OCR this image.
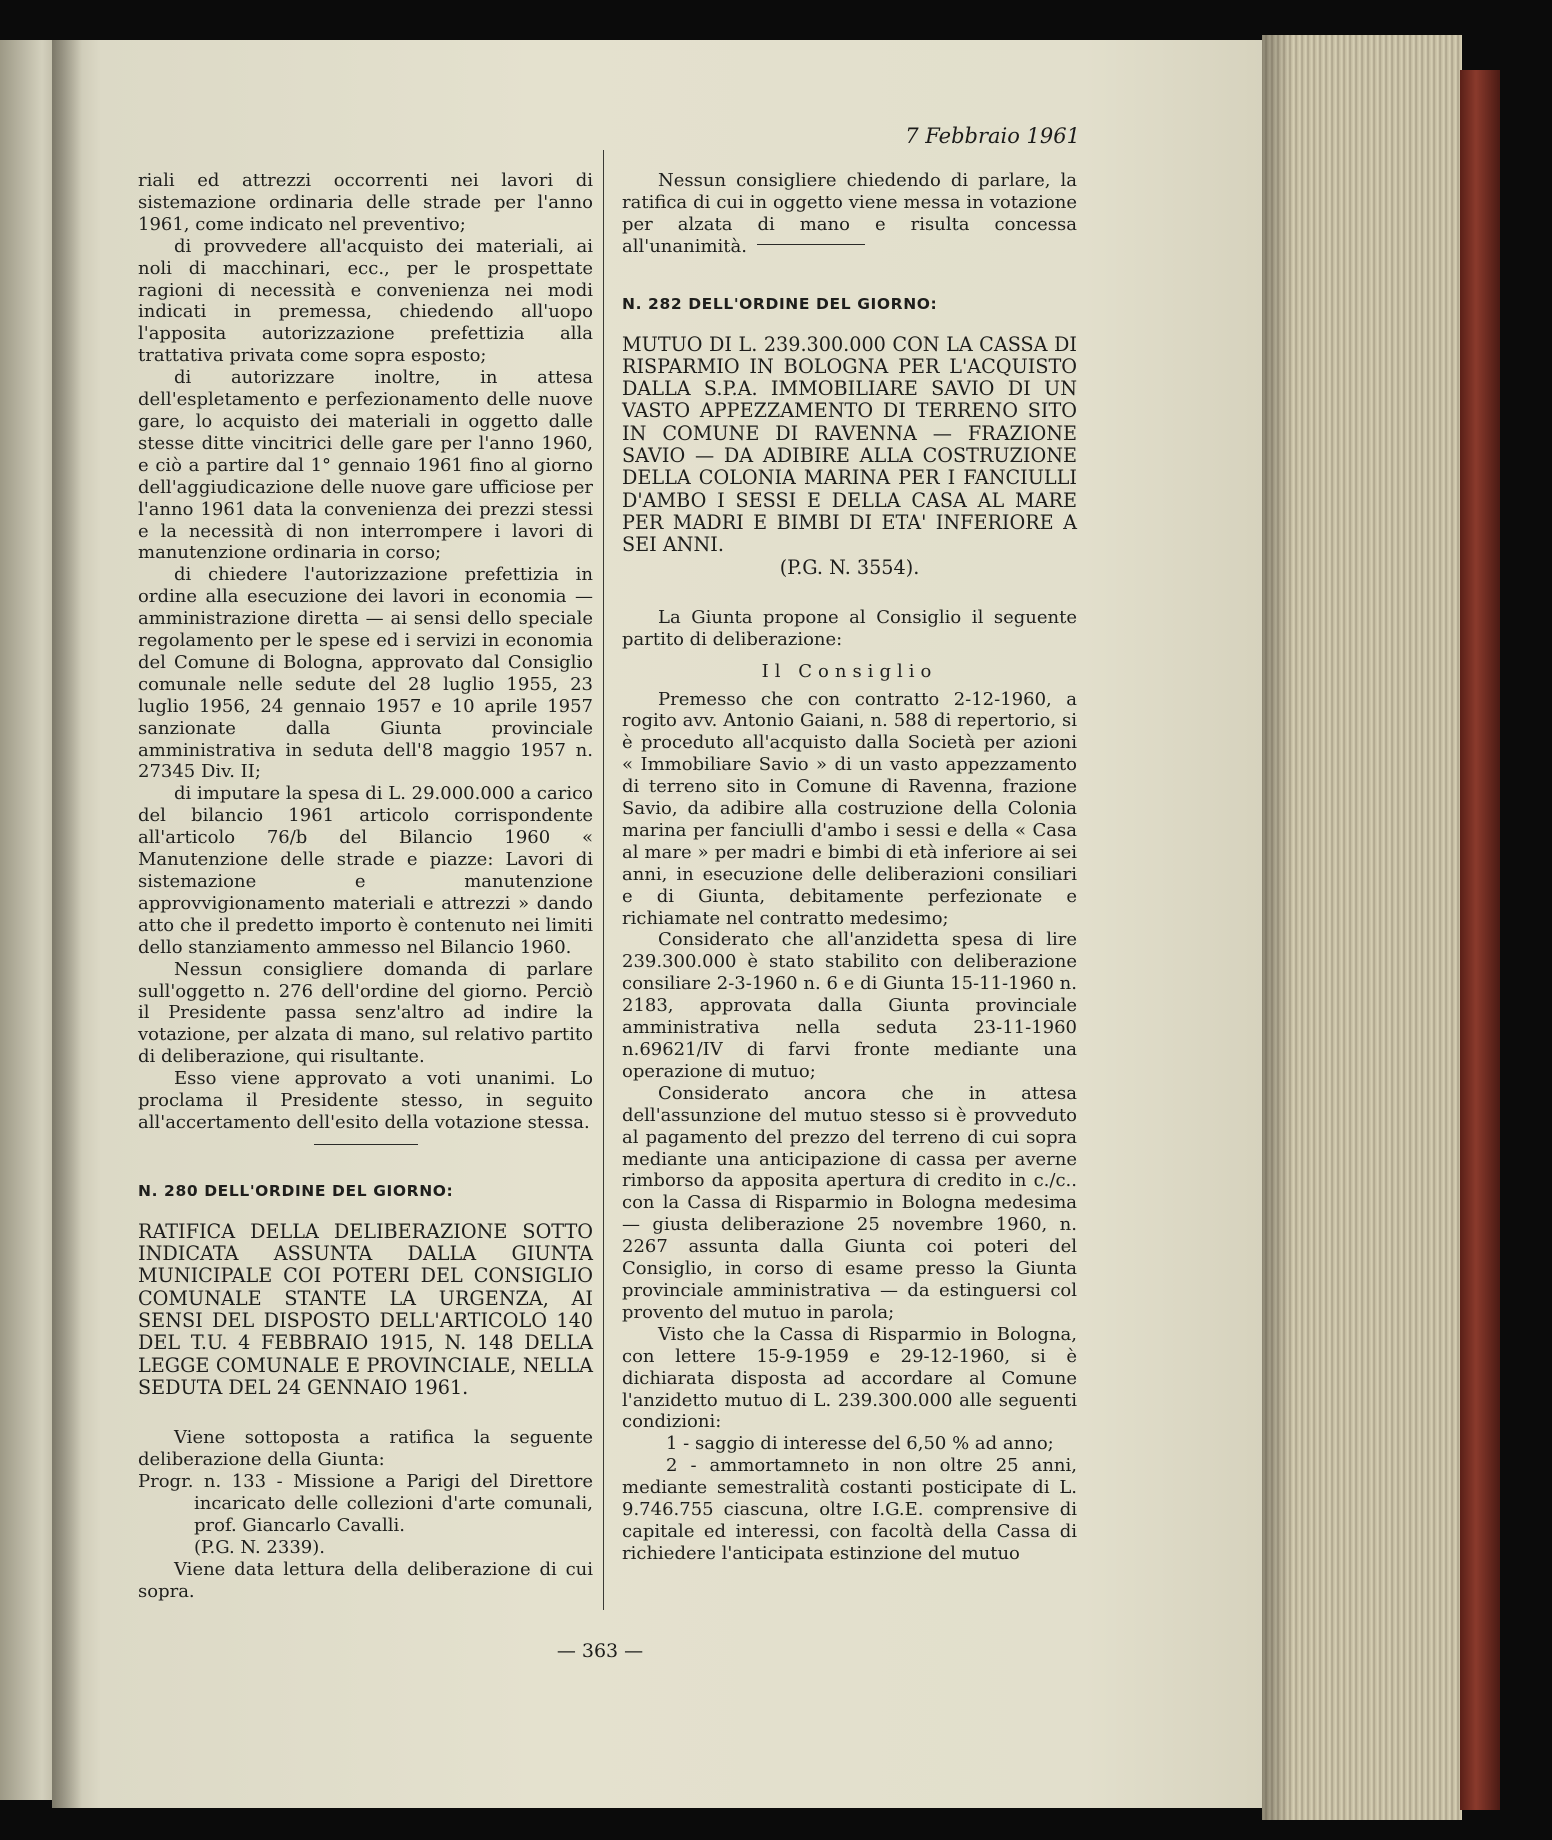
7 Febbraio 1961

riali ed attrezzi occorrenti nei lavori di sistemazione ordinaria delle strade per l'anno 1961, come indicato nel preventivo;

di provvedere all'acquisto dei materiali, ai noli di macchinari, ecc., per le prospettate ragioni di necessità e convenienza nei modi indicati in premessa, chiedendo all'uopo l'apposita autorizzazione prefettizia alla trattativa privata come sopra esposto;

di autorizzare inoltre, in attesa dell'espletamento e perfezionamento delle nuove gare, lo acquisto dei materiali in oggetto dalle stesse ditte vincitrici delle gare per l'anno 1960, e ciò a partire dal 1° gennaio 1961 fino al giorno dell'aggiudicazione delle nuove gare ufficiose per l'anno 1961 data la convenienza dei prezzi stessi e la necessità di non interrompere i lavori di manutenzione ordinaria in corso;

di chiedere l'autorizzazione prefettizia in ordine alla esecuzione dei lavori in economia — amministrazione diretta — ai sensi dello speciale regolamento per le spese ed i servizi in economia del Comune di Bologna, approvato dal Consiglio comunale nelle sedute del 28 luglio 1955, 23 luglio 1956, 24 gennaio 1957 e 10 aprile 1957 sanzionate dalla Giunta provinciale amministrativa in seduta dell'8 maggio 1957 n. 27345 Div. II;

di imputare la spesa di L. 29.000.000 a carico del bilancio 1961 articolo corrispondente all'articolo 76/b del Bilancio 1960 « Manutenzione delle strade e piazze: Lavori di sistemazione e manutenzione approvvigionamento materiali e attrezzi » dando atto che il predetto importo è contenuto nei limiti dello stanziamento ammesso nel Bilancio 1960.

Nessun consigliere domanda di parlare sull'oggetto n. 276 dell'ordine del giorno. Perciò il Presidente passa senz'altro ad indire la votazione, per alzata di mano, sul relativo partito di deliberazione, qui risultante.

Esso viene approvato a voti unanimi. Lo proclama il Presidente stesso, in seguito all'accertamento dell'esito della votazione stessa.

N. 280 DELL'ORDINE DEL GIORNO:

RATIFICA DELLA DELIBERAZIONE SOTTO INDICATA ASSUNTA DALLA GIUNTA MUNICIPALE COI POTERI DEL CONSIGLIO COMUNALE STANTE LA URGENZA, AI SENSI DEL DISPOSTO DELL'ARTICOLO 140 DEL T.U. 4 FEBBRAIO 1915, N. 148 DELLA LEGGE COMUNALE E PROVINCIALE, NELLA SEDUTA DEL 24 GENNAIO 1961.

Viene sottoposta a ratifica la seguente deliberazione della Giunta:

Progr. n. 133 - Missione a Parigi del Direttore incaricato delle collezioni d'arte comunali, prof. Giancarlo Cavalli.

(P.G. N. 2339).

Viene data lettura della deliberazione di cui sopra.

Nessun consigliere chiedendo di parlare, la ratifica di cui in oggetto viene messa in votazione per alzata di mano e risulta concessa all'unanimità.

N. 282 DELL'ORDINE DEL GIORNO:

MUTUO DI L. 239.300.000 CON LA CASSA DI RISPARMIO IN BOLOGNA PER L'ACQUISTO DALLA S.P.A. IMMOBILIARE SAVIO DI UN VASTO APPEZZAMENTO DI TERRENO SITO IN COMUNE DI RAVENNA — FRAZIONE SAVIO — DA ADIBIRE ALLA COSTRUZIONE DELLA COLONIA MARINA PER I FANCIULLI D'AMBO I SESSI E DELLA CASA AL MARE PER MADRI E BIMBI DI ETA' INFERIORE A SEI ANNI.

(P.G. N. 3554).

La Giunta propone al Consiglio il seguente partito di deliberazione:

Il Consiglio

Premesso che con contratto 2-12-1960, a rogito avv. Antonio Gaiani, n. 588 di repertorio, si è proceduto all'acquisto dalla Società per azioni « Immobiliare Savio » di un vasto appezzamento di terreno sito in Comune di Ravenna, frazione Savio, da adibire alla costruzione della Colonia marina per fanciulli d'ambo i sessi e della « Casa al mare » per madri e bimbi di età inferiore ai sei anni, in esecuzione delle deliberazioni consiliari e di Giunta, debitamente perfezionate e richiamate nel contratto medesimo;

Considerato che all'anzidetta spesa di lire 239.300.000 è stato stabilito con deliberazione consiliare 2-3-1960 n. 6 e di Giunta 15-11-1960 n. 2183, approvata dalla Giunta provinciale amministrativa nella seduta 23-11-1960 n.69621/IV di farvi fronte mediante una operazione di mutuo;

Considerato ancora che in attesa dell'assunzione del mutuo stesso si è provveduto al pagamento del prezzo del terreno di cui sopra mediante una anticipazione di cassa per averne rimborso da apposita apertura di credito in c./c.. con la Cassa di Risparmio in Bologna medesima — giusta deliberazione 25 novembre 1960, n. 2267 assunta dalla Giunta coi poteri del Consiglio, in corso di esame presso la Giunta provinciale amministrativa — da estinguersi col provento del mutuo in parola;

Visto che la Cassa di Risparmio in Bologna, con lettere 15-9-1959 e 29-12-1960, si è dichiarata disposta ad accordare al Comune l'anzidetto mutuo di L. 239.300.000 alle seguenti condizioni:

1 - saggio di interesse del 6,50 % ad anno;

2 - ammortamneto in non oltre 25 anni, mediante semestralità costanti posticipate di L. 9.746.755 ciascuna, oltre I.G.E. comprensive di capitale ed interessi, con facoltà della Cassa di richiedere l'anticipata estinzione del mutuo

— 363 —
